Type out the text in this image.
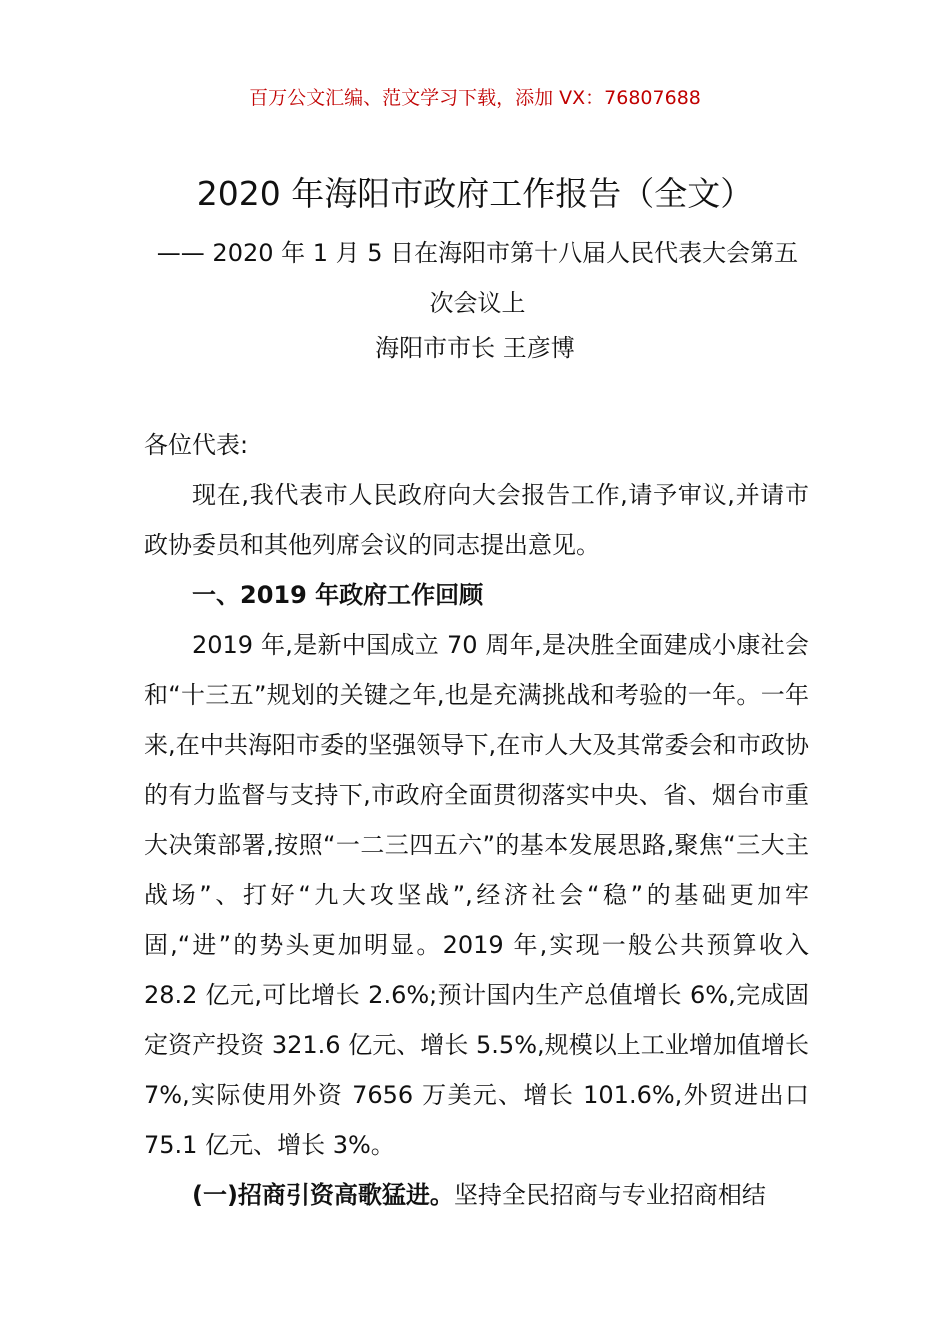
百万公文汇编、范文学习下载，添加 VX：76807688
2020 年海阳市政府工作报告（全文）
—— 2020 年 1 月 5 日在海阳市第十八届人民代表大会第五次会议上
海阳市市长 王彦博

各位代表:

现在,我代表市人民政府向大会报告工作,请予审议,并请市政协委员和其他列席会议的同志提出意见。

一、2019 年政府工作回顾

2019 年,是新中国成立 70 周年,是决胜全面建成小康社会和“十三五”规划的关键之年,也是充满挑战和考验的一年。一年来,在中共海阳市委的坚强领导下,在市人大及其常委会和市政协的有力监督与支持下,市政府全面贯彻落实中央、省、烟台市重大决策部署,按照“一二三四五六”的基本发展思路,聚焦“三大主战场”、打好“九大攻坚战”,经济社会“稳”的基础更加牢固,“进”的势头更加明显。2019 年,实现一般公共预算收入 28.2 亿元,可比增长 2.6%;预计国内生产总值增长 6%,完成固定资产投资 321.6 亿元、增长 5.5%,规模以上工业增加值增长 7%,实际使用外资 7656 万美元、增长 101.6%,外贸进出口 75.1 亿元、增长 3%。

(一)招商引资高歌猛进。坚持全民招商与专业招商相结
